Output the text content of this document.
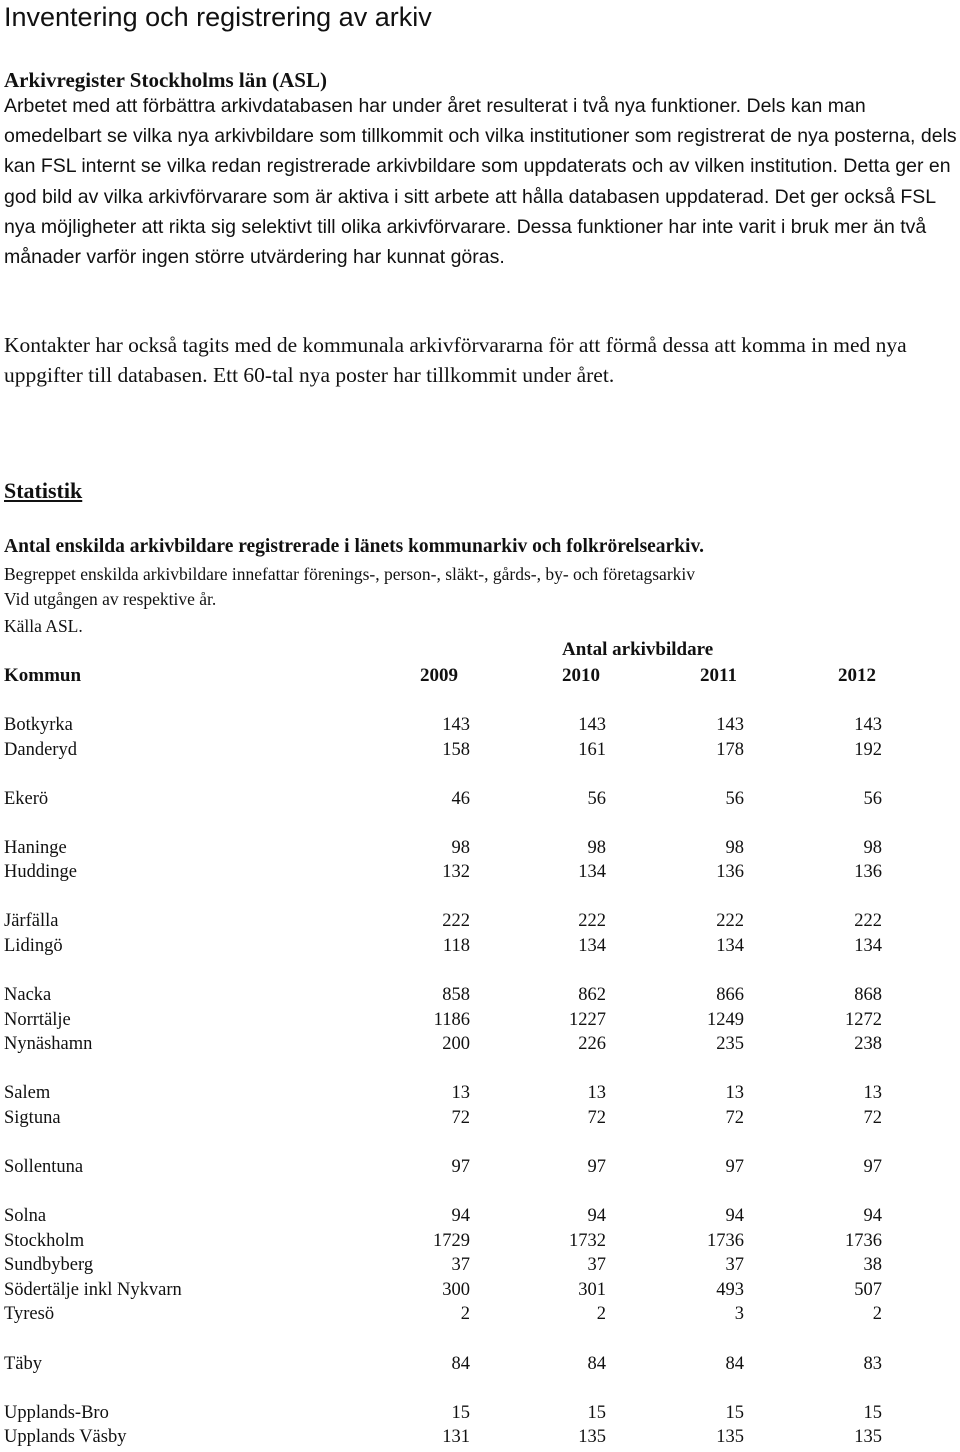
Inventering och registrering av arkiv
Arkivregister Stockholms län (ASL)
Arbetet med att förbättra arkivdatabasen har under året resulterat i två nya funktioner. Dels kan man omedelbart se vilka nya arkivbildare som tillkommit och vilka institutioner som registrerat de nya posterna, dels kan FSL internt se vilka redan registrerade arkivbildare som uppdaterats och av vilken institution. Detta ger en god bild av vilka arkivförvarare som är aktiva i sitt arbete att hålla databasen uppdaterad. Det ger också FSL nya möjligheter att rikta sig selektivt till olika arkivförvarare. Dessa funktioner har inte varit i bruk mer än två månader varför ingen större utvärdering har kunnat göras.
Kontakter har också tagits med de kommunala arkivförvararna för att förmå dessa att komma in med nya uppgifter till databasen. Ett 60-tal nya poster har tillkommit under året.
Statistik
Antal enskilda arkivbildare registrerade i länets kommunarkiv och folkrörelsearkiv.
Begreppet enskilda arkivbildare innefattar förenings-, person-, släkt-, gårds-, by- och företagsarkiv
Vid utgången av respektive år.
Källa ASL.
Antal arkivbildare
Kommun	2009	2010	2011	2012
Botkyrka	143	143	143	143
Danderyd	158	161	178	192
Ekerö	46	56	56	56
Haninge	98	98	98	98
Huddinge	132	134	136	136
Järfälla	222	222	222	222
Lidingö	118	134	134	134
Nacka	858	862	866	868
Norrtälje	1186	1227	1249	1272
Nynäshamn	200	226	235	238
Salem	13	13	13	13
Sigtuna	72	72	72	72
Sollentuna	97	97	97	97
Solna	94	94	94	94
Stockholm	1729	1732	1736	1736
Sundbyberg	37	37	37	38
Södertälje inkl Nykvarn	300	301	493	507
Tyresö	2	2	3	2
Täby	84	84	84	83
Upplands-Bro	15	15	15	15
Upplands Väsby	131	135	135	135
